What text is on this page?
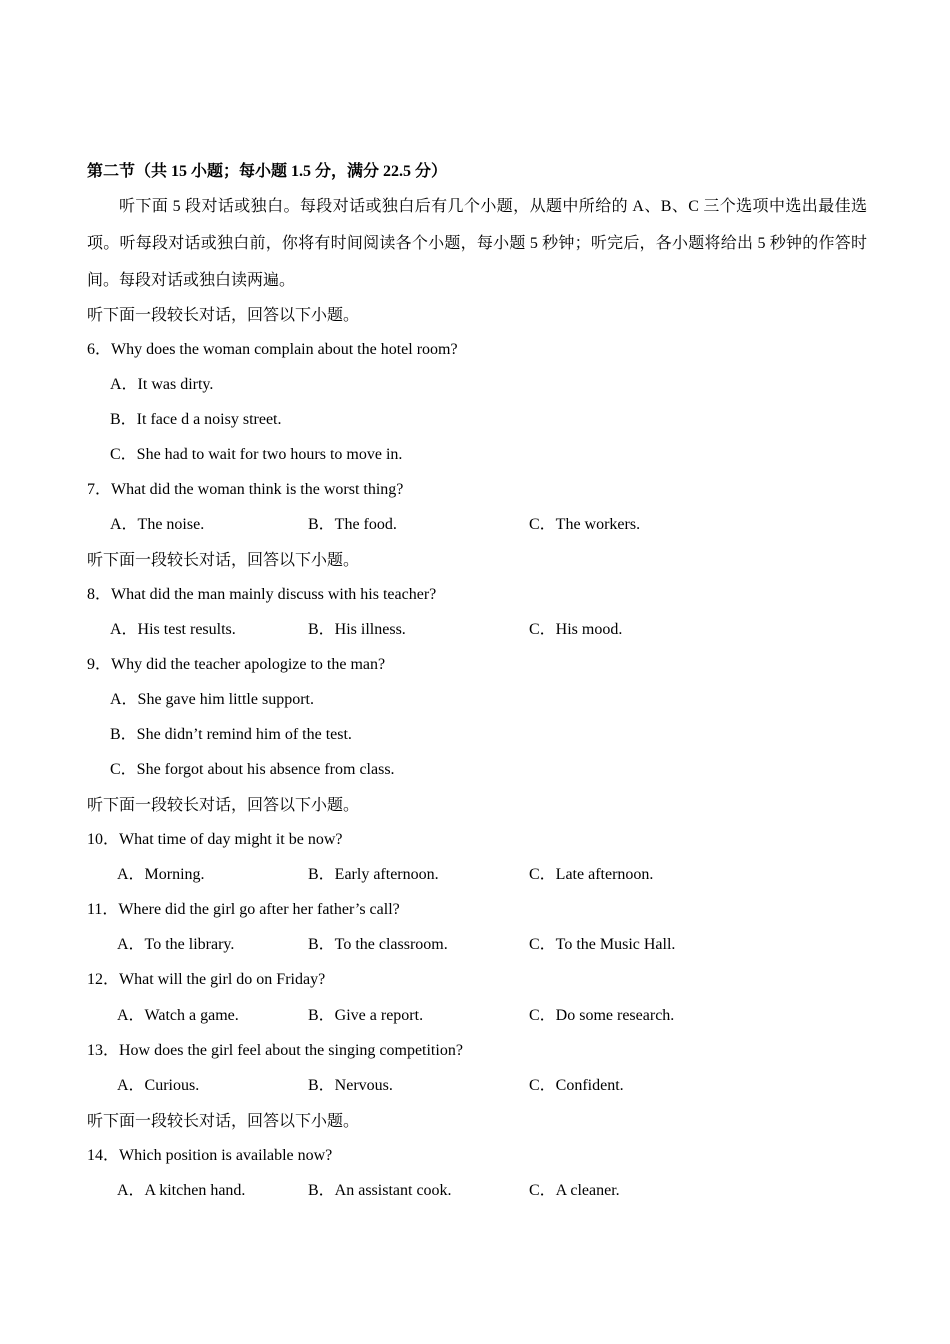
第二节（共 15 小题；每小题 1.5 分，满分 22.5 分）
听下面 5 段对话或独白。每段对话或独白后有几个小题，从题中所给的 A、B、C 三个选项中选出最佳选项。听每段对话或独白前，你将有时间阅读各个小题，每小题 5 秒钟；听完后，各小题将给出 5 秒钟的作答时间。每段对话或独白读两遍。
听下面一段较长对话，回答以下小题。
6．Why does the woman complain about the hotel room?
A．It was dirty.
B．It face d a noisy street.
C．She had to wait for two hours to move in.
7．What did the woman think is the worst thing?
A．The noise.	B．The food.	C．The workers.
听下面一段较长对话，回答以下小题。
8．What did the man mainly discuss with his teacher?
A．His test results.	B．His illness.	C．His mood.
9．Why did the teacher apologize to the man?
A．She gave him little support.
B．She didn’t remind him of the test.
C．She forgot about his absence from class.
听下面一段较长对话，回答以下小题。
10．What time of day might it be now?
A．Morning.	B．Early afternoon.	C．Late afternoon.
11．Where did the girl go after her father’s call?
A．To the library.	B．To the classroom.	C．To the Music Hall.
12．What will the girl do on Friday?
A．Watch a game.	B．Give a report.	C．Do some research.
13．How does the girl feel about the singing competition?
A．Curious.	B．Nervous.	C．Confident.
听下面一段较长对话，回答以下小题。
14．Which position is available now?
A．A kitchen hand.	B．An assistant cook.	C．A cleaner.
